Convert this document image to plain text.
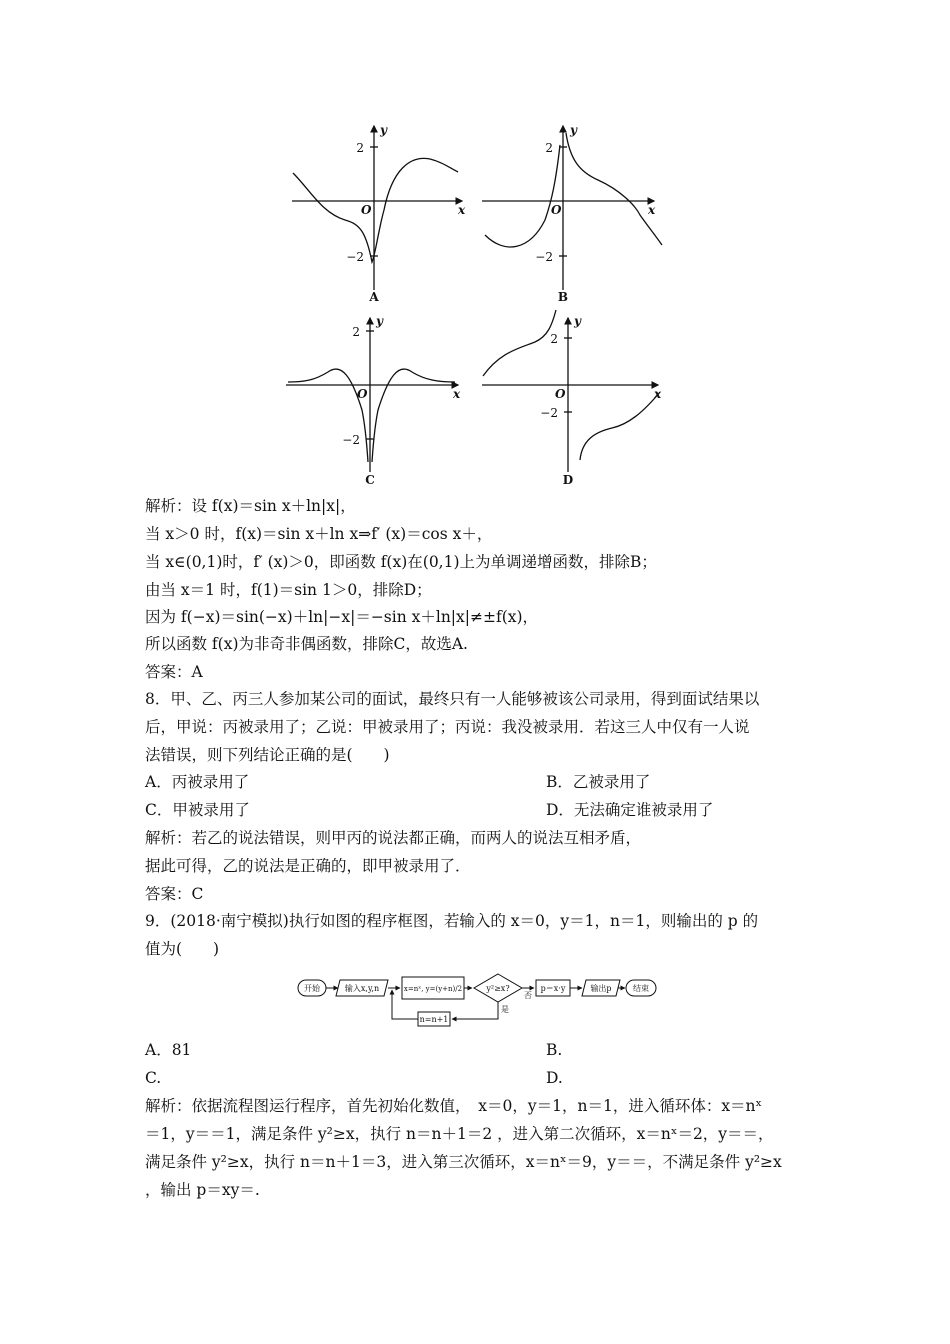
y
x
y
x
y
x
y
x
O	O
O	O
2
−2
2
−2
2
−2
2
−2
A	B
C	D
解析：设 f(x)＝sin x＋ln|x|，
当 x＞0 时，f(x)＝sin x＋ln x⇒f′ (x)＝cos x＋，
当 x∈(0,1)时，f′ (x)＞0，即函数 f(x)在(0,1)上为单调递增函数，排除B；
由当 x＝1 时，f(1)＝sin 1＞0，排除D；
因为 f(−x)＝sin(−x)＋ln|−x|＝−sin x＋ln|x|≠±f(x)，
所以函数 f(x)为非奇非偶函数，排除C，故选A.
答案：A
8．甲、乙、丙三人参加某公司的面试，最终只有一人能够被该公司录用，得到面试结果以
后，甲说：丙被录用了；乙说：甲被录用了；丙说：我没被录用．若这三人中仅有一人说
法错误，则下列结论正确的是(　　)
A．丙被录用了	B．乙被录用了
C．甲被录用了	D．无法确定谁被录用了
解析：若乙的说法错误，则甲丙的说法都正确，而两人的说法互相矛盾，
据此可得，乙的说法是正确的，即甲被录用了．
答案：C
9．(2018·南宁模拟)执行如图的程序框图，若输入的 x＝0，y＝1，n＝1，则输出的 p 的
值为(　　)
开始	输入x,y,n	x=nˣ, y=(y+n)/2	y²≥x?
否
是
p＝x·y	输出p	结束
n=n+1
A．81	B.
C.	D.
解析：依据流程图运行程序，首先初始化数值，　x＝0，y＝1，n＝1，进入循环体：x＝nˣ
＝1，y＝＝1，满足条件 y²≥x，执行 n＝n＋1＝2 ，进入第二次循环，x＝nˣ＝2，y＝＝，
满足条件 y²≥x，执行 n＝n＋1＝3，进入第三次循环，x＝nˣ＝9，y＝＝，不满足条件 y²≥x
，输出 p＝xy＝.
